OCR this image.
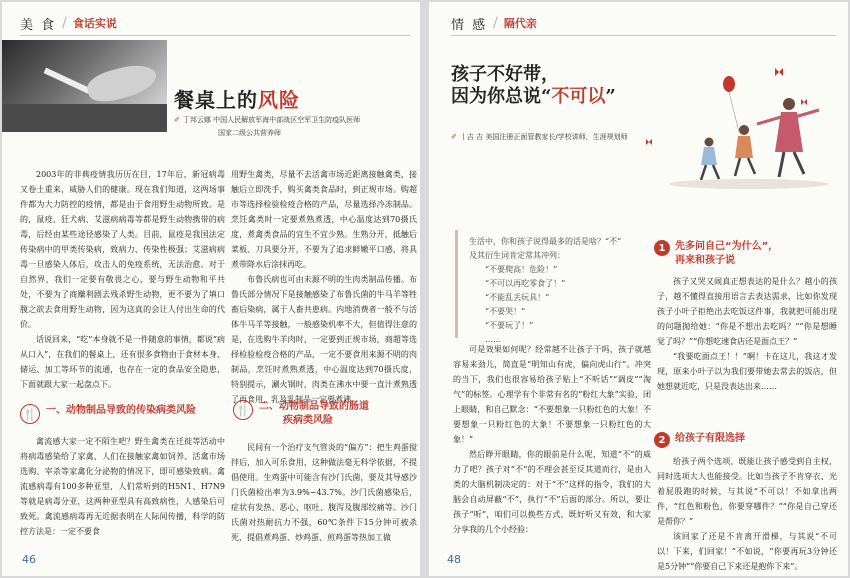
美 食 / 食话实说
餐桌上的风险
✐ 丁邦云娜 中国人民解放军海中部战区空军卫生防疫队医师
国家二级公共营养师

2003年的非典疫情我历历在目，17年后，新冠病毒又卷土重来，威胁人们的健康。现在我们知道，这两场事件都为大力防控的疫情，都是由于食用野生动物所致。是的，鼠疫、狂犬病、艾滋病病毒等都是野生动物携带的病毒，后经由某些途径感染了人类。目前，鼠疫是我国法定传染病中的甲类传染病，致病力、传染性极强；艾滋病病毒一旦感染人体后，攻击人的免疫系统，无法治愈。对于自然界，我们一定要有敬畏之心，要与野生动物和平共处，不要为了商赚利剧去残杀野生动物，更不要为了填口腹之欲去食用野生动物，因为这真的会让人付出生命的代价。

话说回来，“吃”本身就不是一件随意的事情，都说“病从口入”，在我们的餐桌上，还有很多食物由于食材本身、储运、加工等环节的流通，也存在一定的食品安全隐患，下面就跟大家一起盘点下。

🍴 一、动物制品导致的传染病类风险

禽流感大家一定不陌生吧？野生禽类在迁徙等活动中将病毒感染给了家禽，人们在接触家禽如饲养、活禽市场选购、宰杀等家禽化分泌物的情况下，即可感染致病。禽流感病毒有100多种亚型，人们常听到的H5N1、H7N9等就是病毒分亚，这两种亚型具有高致病性，人感染后可致死。禽流感病毒再无近据表明在人际间传播，科学的防控方法是：一定不要食

用野生禽类，尽量不去活禽市场近距离接触禽类，接触后立即洗手，购买禽类食品时，到正规市场。购超市等选择检验检疫合格的产品，尽量选择冷冻制品。烹饪禽类时一定要煮熟煮透，中心温度达到70摄氏度，煮禽类食品的宜生不宜少熟。生熟分开，抵触后菜板、刀具要分开，不要为了追求鲜嫩平口感，将具煮带降水后涂抹再吃。

布鲁氏病也可由未源不明的生肉类制品传播。布鲁氏部分情况下是接触感染了布鲁氏菌的牛马羊等牲畜后染病，属于人畜共患病。内地消费者一般不与活体牛马羊等接触，一般感染机率不大，但值得注意的是，在选购牛羊肉时，一定要到正规市场，商超等选择检验检疫合格的产品，一定不要食用来源不明的肉制品，烹饪时煮熟煮透，中心温度达到70摄氏度，特别提示，涮火锅时，肉类在沸水中要一直汁煮熟透了再食用，乳及乳制品一定要煮沸。

🍴 二、动物制品导致的肠道
疾病类风险

民间有一个治疗支气管炎的“偏方”：把生鸡蛋搅拌后，加入可乐食用，这种做法毫无科学依据，不提倡使用。生鸡蛋中可能含有沙门氏菌，要及其导感沙门氏菌检出率为3.9%~43.7%。沙门氏菌感染后，症状有发热、恶心、呕吐、腹泻及腹部绞痛等。沙门氏菌对热耐抗力不强，60℃条件下15分钟可被杀死，提倡煮鸡蛋、炒鸡蛋、煎鸡蛋等热加工做

46
情 感 / 隔代亲
孩子不好带，
因为你总说“不可以”
✐ 丨吉 吉 美国注册正面管教家长/学校讲师，生涯规划师

生活中，你和孩子说得最多的话是啥？“不”

及其衍生词肯定常其冲列：

“不要爬高！危险！”

“不可以再吃零食了！”

“不能乱丢玩具！”

“不要哭！”

“不要玩了！”

……

可是效果如何呢？经常越不让孩子干吗，孩子就越容易来劲儿，简直是“明知山有虎，偏向虎山行”。冲突的当下，我们也很容易给孩子贴上“不听话”“调皮”“淘气”的标签。心理学有个非常有名的“粉红大象”实验，闭上眼睛，和自己默念：“不要想象一只粉红色的大象！不要想象一只粉红色的大象！不要想象一只粉红色的大象！”

然后睁开眼睛，你的眼前是什么呢，知道“不”的威力了吧？孩子对“不”的不理会甚至反其道而行，是由人类的大脑机制决定的：对于“不”这样的指令，我们的大脑会自动屏蔽“不”，执行“不”后面的部分。所以，要让孩子“听”，咱们可以换些方式，既好听又有效，和大家分享我的几个小经验：

1 先多问自己“为什么”，
再来和孩子说

孩子又哭又闹真正想表达的是什么？越小的孩子，越不懂得直接用语言去表达需求，比如你发现孩子小叶子拒绝出去吃饭这件事，我就把可能出现的问题抛给她：“你是不想出去吃吗？”“你是想睡觉了吗？”“你想吃速食店还是面点王？”

“我要吃面点王！！”啊！卡在这儿，我这才发现，原来小叶子以为我们要带她去常去的饭店，但她想就近吃，只是没表达出来……

2 给孩子有限选择

给孩子两个选项，既能让孩子感受到自主权，同时选项大人也能接受。比如当孩子不肯穿衣、光着屁股跑的时候，与其说“不可以！不如拿出两件，“红色和粉色，你要穿哪件？”“你是自己穿还是帮你？”

该回家了还是不肯离开滑梯，与其说“不可以！下来，们回家！”不如说，“你要再玩3分钟还是5分钟”“你要自己下来还是抱你下来”。

48
